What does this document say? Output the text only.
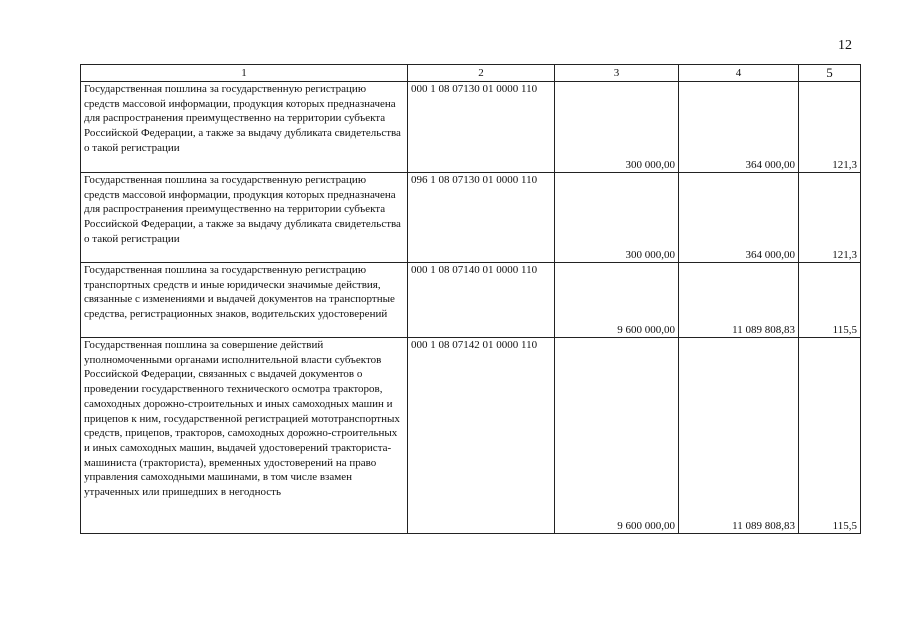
12
1	2	3	4	5
Государственная пошлина за государственную регистрацию средств массовой информации, продукция которых предназначена для распространения преимущественно на территории субъекта Российской Федерации, а также за выдачу дубликата свидетельства о такой регистрации	000 1 08 07130 01 0000 110	300 000,00	364 000,00	121,3
Государственная пошлина за государственную регистрацию средств массовой информации, продукция которых предназначена для распространения преимущественно на территории субъекта Российской Федерации, а также за выдачу дубликата свидетельства о такой регистрации	096 1 08 07130 01 0000 110	300 000,00	364 000,00	121,3
Государственная пошлина за государственную регистрацию транспортных средств и иные юридически значимые действия, связанные с изменениями и выдачей документов на транспортные средства, регистрационных знаков, водительских удостоверений	000 1 08 07140 01 0000 110	9 600 000,00	11 089 808,83	115,5
Государственная пошлина за совершение действий уполномоченными органами исполнительной власти субъектов Российской Федерации, связанных с выдачей документов о проведении государственного технического осмотра тракторов, самоходных дорожно-строительных и иных самоходных машин и прицепов к ним, государственной регистрацией мототранспортных средств, прицепов, тракторов, самоходных дорожно-строительных и иных самоходных машин, выдачей удостоверений тракториста-машиниста (тракториста), временных удостоверений на право управления самоходными машинами, в том числе взамен утраченных или пришедших в негодность	000 1 08 07142 01 0000 110	9 600 000,00	11 089 808,83	115,5
